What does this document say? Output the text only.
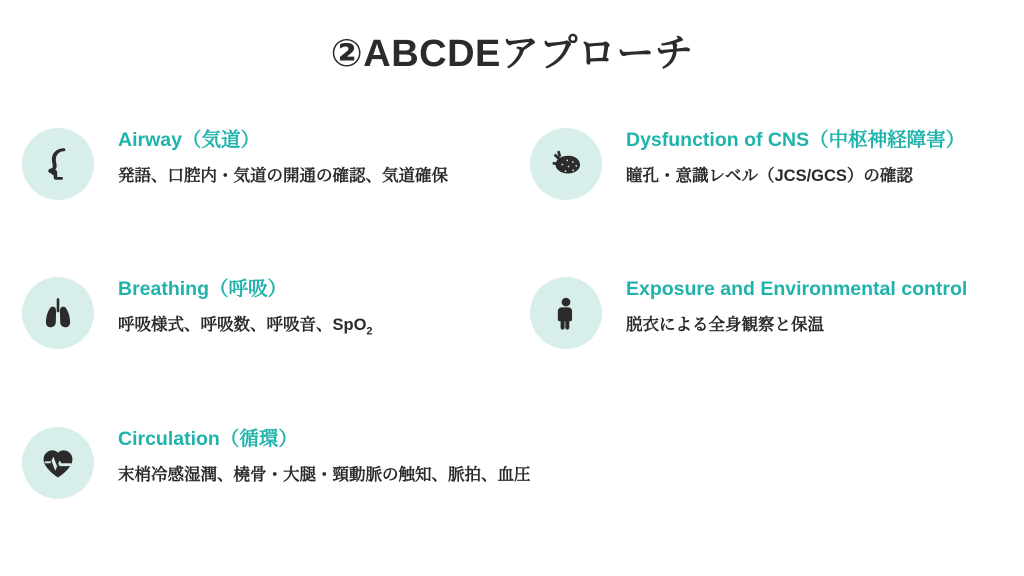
②ABCDEアプローチ
Airway（気道）
発語、口腔内・気道の開通の確認、気道確保
Breathing（呼吸）
呼吸様式、呼吸数、呼吸音、SpO$_2$
Circulation（循環）
末梢冷感湿潤、橈骨・大腿・頸動脈の触知、脈拍、血圧
Dysfunction of CNS（中枢神経障害）
瞳孔・意識レベル（JCS/GCS）の確認
Exposure and Environmental control
脱衣による全身観察と保温
